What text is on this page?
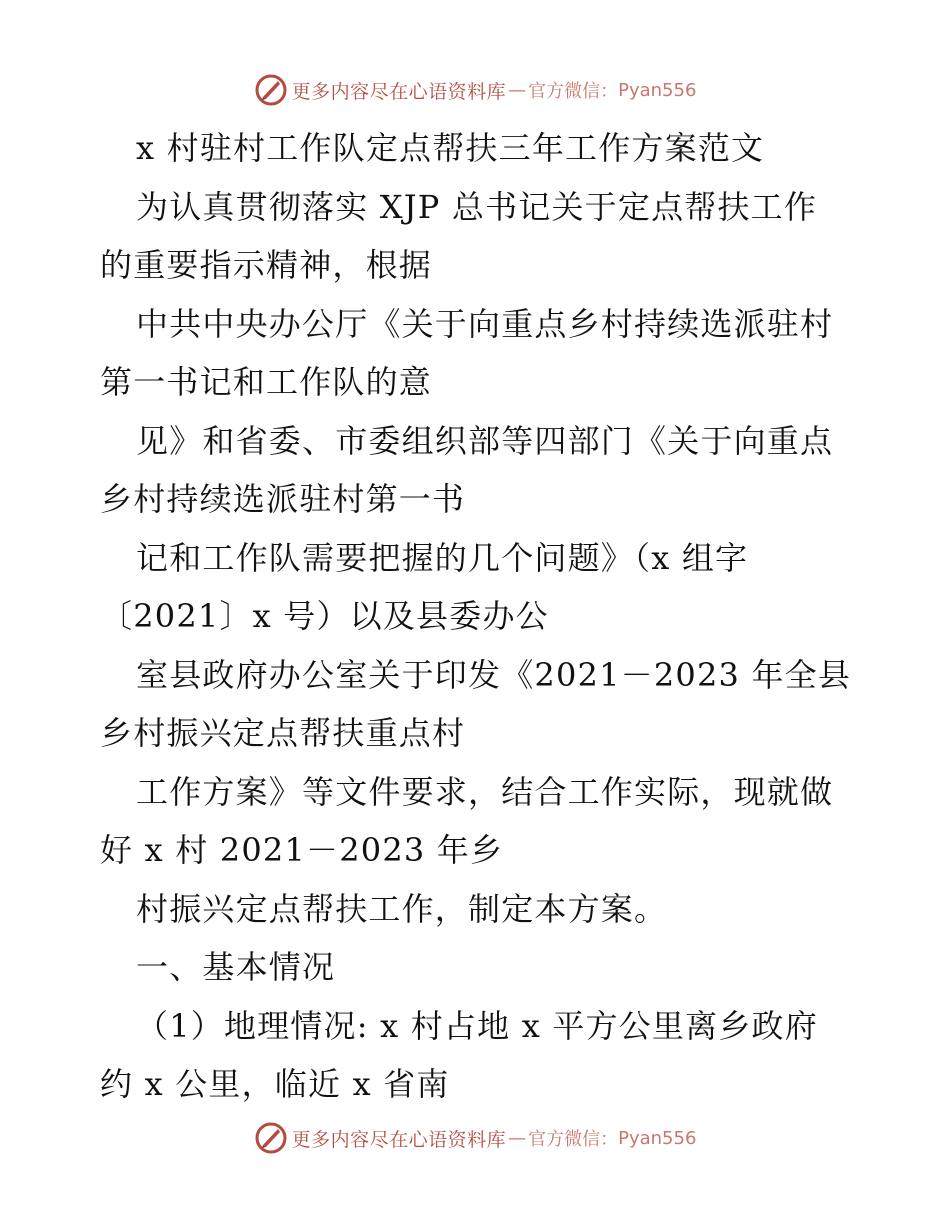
更多内容尽在心语资料库 — 官方微信： Pyan556
x 村驻村工作队定点帮扶三年工作方案范文
为认真贯彻落实 XJP 总书记关于定点帮扶工作
的重要指示精神，根据
中共中央办公厅《关于向重点乡村持续选派驻村
第一书记和工作队的意
见》和省委、市委组织部等四部门《关于向重点
乡村持续选派驻村第一书
记和工作队需要把握的几个问题》（x 组字
〔2021〕x 号）以及县委办公
室县政府办公室关于印发《2021－2023 年全县
乡村振兴定点帮扶重点村
工作方案》等文件要求，结合工作实际，现就做
好 x 村 2021－2023 年乡
村振兴定点帮扶工作，制定本方案。
一、基本情况
（1）地理情况: x 村占地 x 平方公里离乡政府
约 x 公里，临近 x 省南
更多内容尽在心语资料库 — 官方微信： Pyan556
